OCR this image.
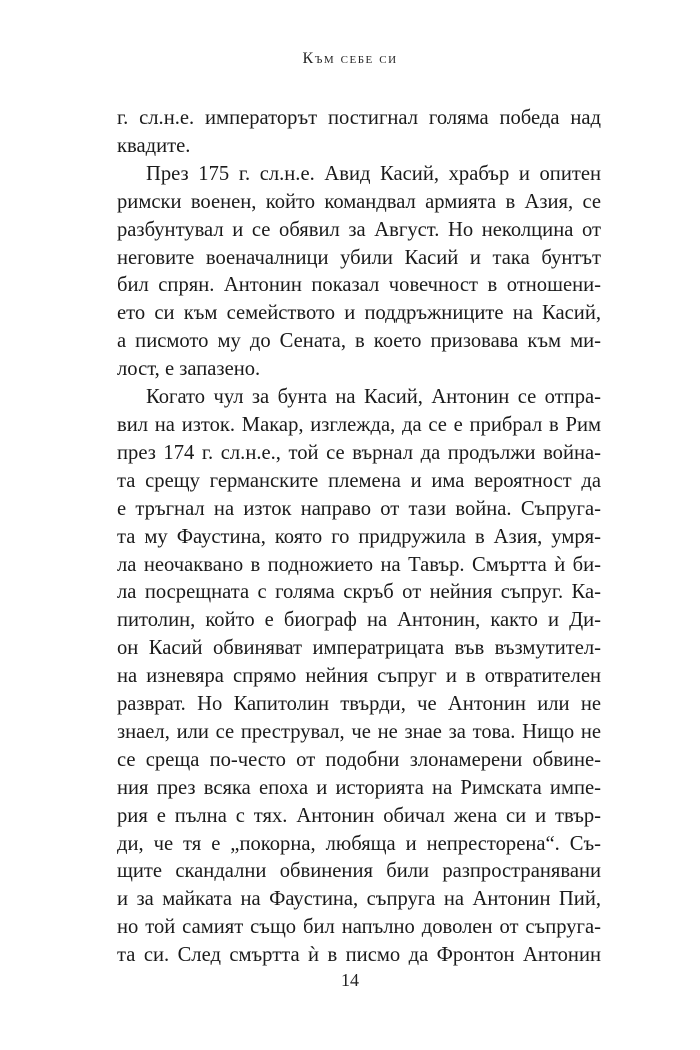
Към себе си
г. сл.н.е. императорът постигнал голяма победа над
квадите.
През 175 г. сл.н.е. Авид Касий, храбър и опитен
римски военен, който командвал армията в Азия, се
разбунтувал и се обявил за Август. Но неколцина от
неговите военачалници убили Касий и така бунтът
бил спрян. Антонин показал човечност в отношени-
ето си към семейството и поддръжниците на Касий,
а писмото му до Сената, в което призовава към ми-
лост, е запазено.
Когато чул за бунта на Касий, Антонин се отпра-
вил на изток. Макар, изглежда, да се е прибрал в Рим
през 174 г. сл.н.е., той се върнал да продължи война-
та срещу германските племена и има вероятност да
е тръгнал на изток направо от тази война. Съпруга-
та му Фаустина, която го придружила в Азия, умря-
ла неочаквано в подножието на Тавър. Смъртта ѝ би-
ла посрещната с голяма скръб от нейния съпруг. Ка-
питолин, който е биограф на Антонин, както и Ди-
он Касий обвиняват императрицата във възмутител-
на изневяра спрямо нейния съпруг и в отвратителен
разврат. Но Капитолин твърди, че Антонин или не
знаел, или се преструвал, че не знае за това. Нищо не
се среща по-често от подобни злонамерени обвине-
ния през всяка епоха и историята на Римската импе-
рия е пълна с тях. Антонин обичал жена си и твър-
ди, че тя е „покорна, любяща и непресторена“. Съ-
щите скандални обвинения били разпространявани
и за майката на Фаустина, съпруга на Антонин Пий,
но той самият също бил напълно доволен от съпруга-
та си. След смъртта ѝ в писмо да Фронтон Антонин
14
